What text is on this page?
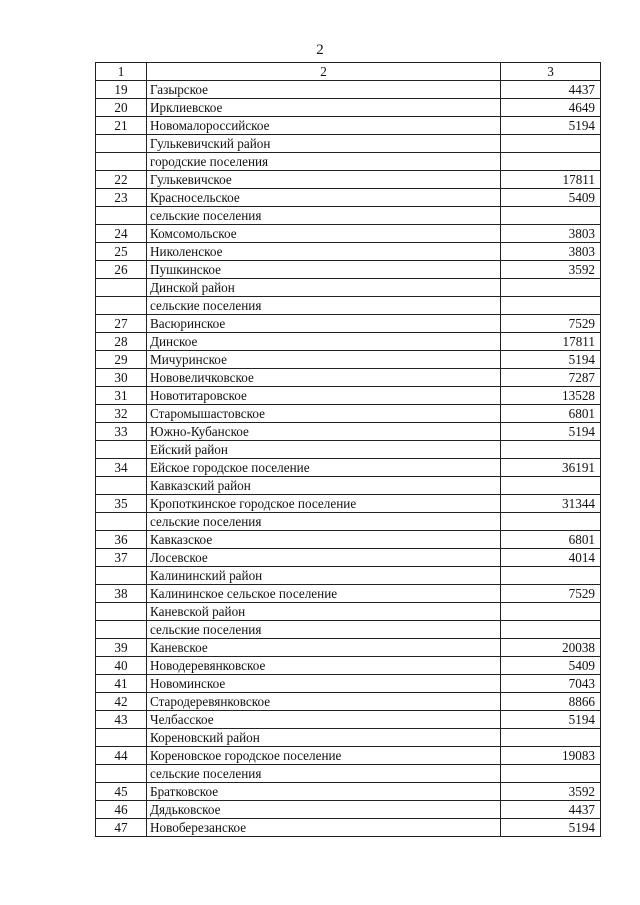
2
1	2	3
19	Газырское	4437
20	Ирклиевское	4649
21	Новомалороссийское	5194
	Гулькевичский район	
	городские поселения	
22	Гулькевичское	17811
23	Красносельское	5409
	сельские поселения	
24	Комсомольское	3803
25	Николенское	3803
26	Пушкинское	3592
	Динской район	
	сельские поселения	
27	Васюринское	7529
28	Динское	17811
29	Мичуринское	5194
30	Нововеличковское	7287
31	Новотитаровское	13528
32	Старомышастовское	6801
33	Южно-Кубанское	5194
	Ейский район	
34	Ейское городское поселение	36191
	Кавказский район	
35	Кропоткинское городское поселение	31344
	сельские поселения	
36	Кавказское	6801
37	Лосевское	4014
	Калининский район	
38	Калининское сельское поселение	7529
	Каневской район	
	сельские поселения	
39	Каневское	20038
40	Новодеревянковское	5409
41	Новоминское	7043
42	Стародеревянковское	8866
43	Челбасское	5194
	Кореновский район	
44	Кореновское городское поселение	19083
	сельские поселения	
45	Братковское	3592
46	Дядьковское	4437
47	Новоберезанское	5194
